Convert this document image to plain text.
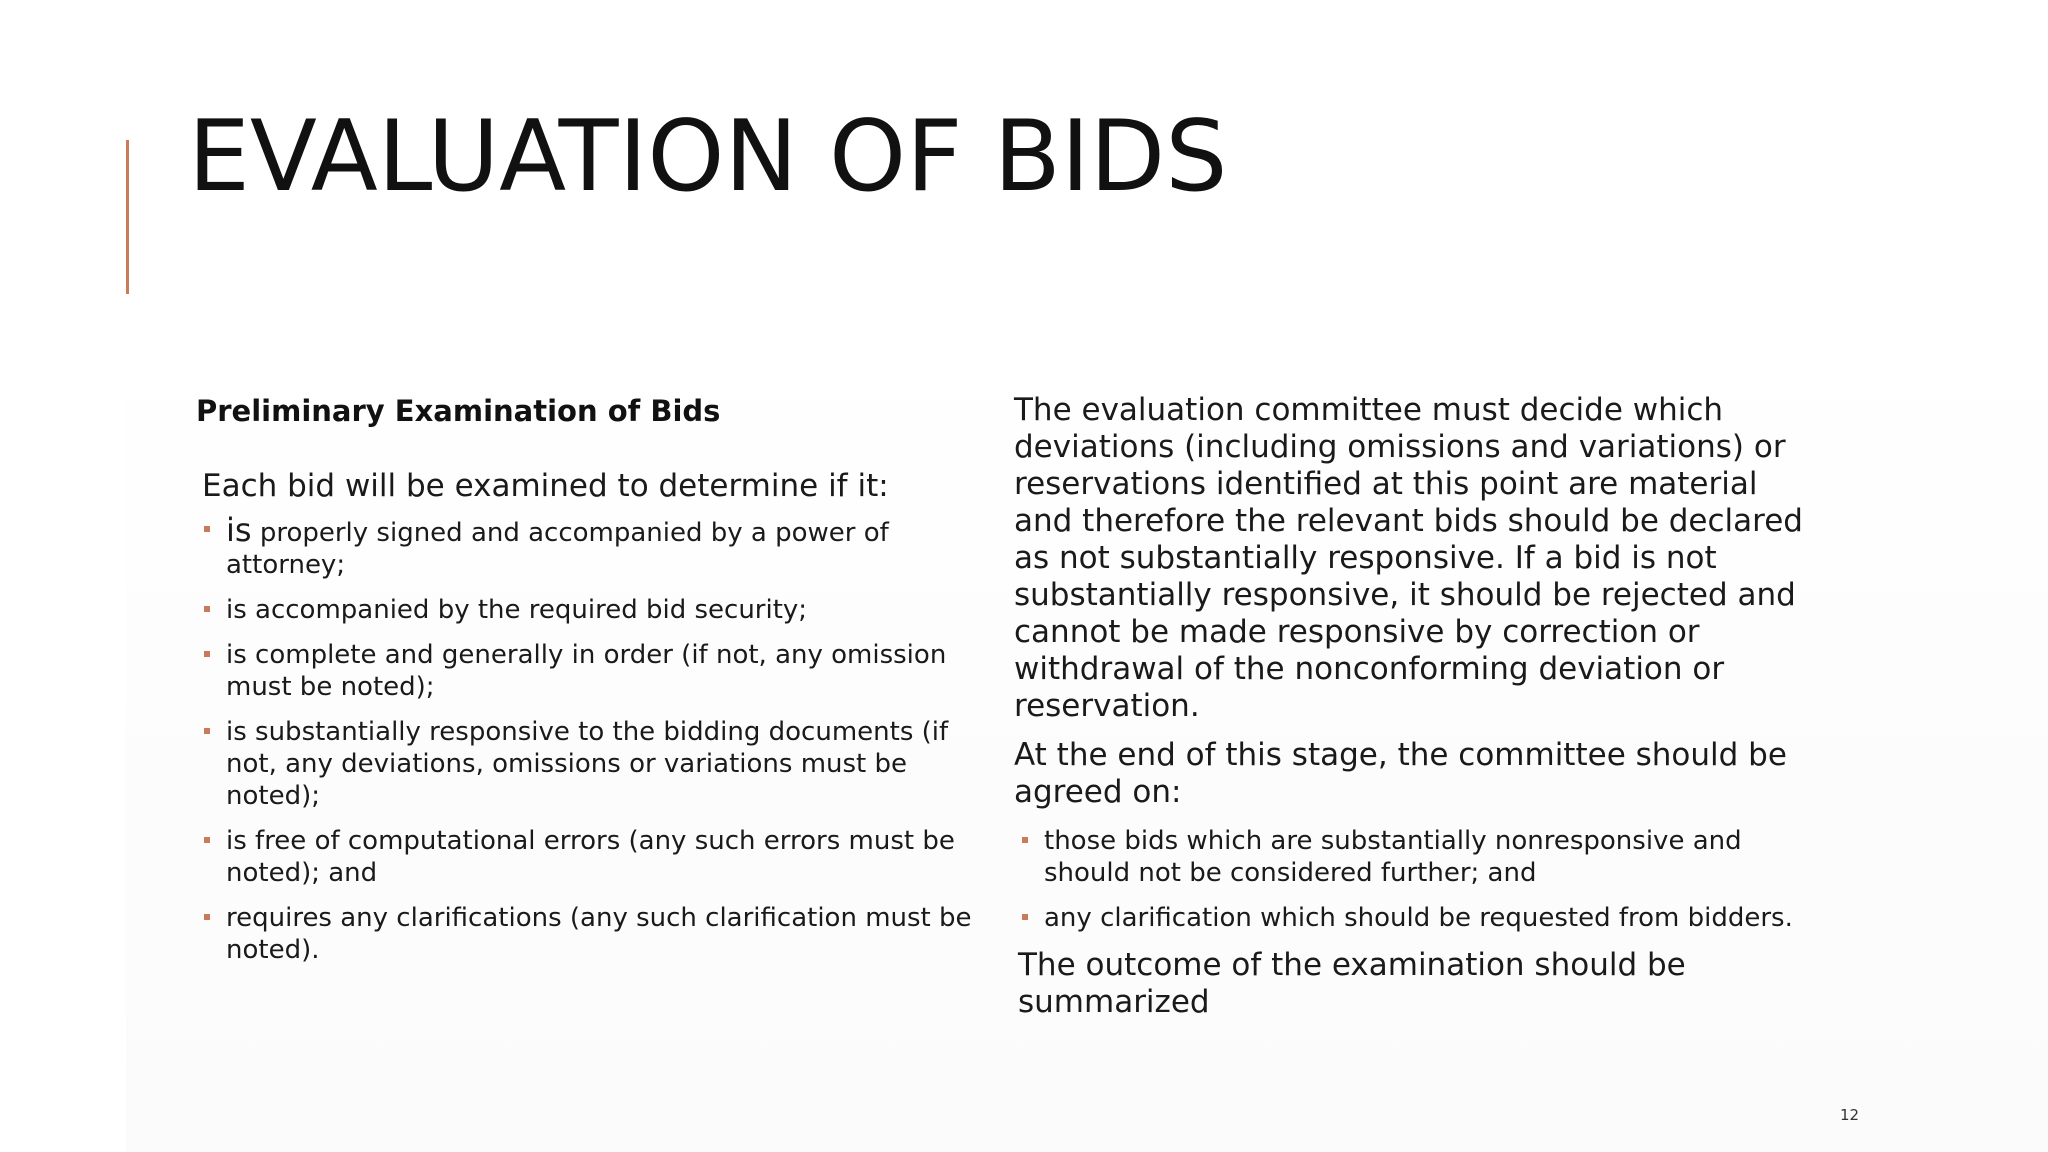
EVALUATION OF BIDS
Preliminary Examination of Bids

Each bid will be examined to determine if it:

is properly signed and accompanied by a power of attorney;
is accompanied by the required bid security;
is complete and generally in order (if not, any omission must be noted);
is substantially responsive to the bidding documents (if not, any deviations, omissions or variations must be noted);
is free of computational errors (any such errors must be noted); and
requires any clarifications (any such clarification must be noted).

The evaluation committee must decide which deviations (including omissions and variations) or reservations identified at this point are material and therefore the relevant bids should be declared as not substantially responsive. If a bid is not substantially responsive, it should be rejected and cannot be made responsive by correction or withdrawal of the nonconforming deviation or reservation.

At the end of this stage, the committee should be agreed on:

those bids which are substantially nonresponsive and should not be considered further; and
any clarification which should be requested from bidders.

The outcome of the examination should be summarized

12
